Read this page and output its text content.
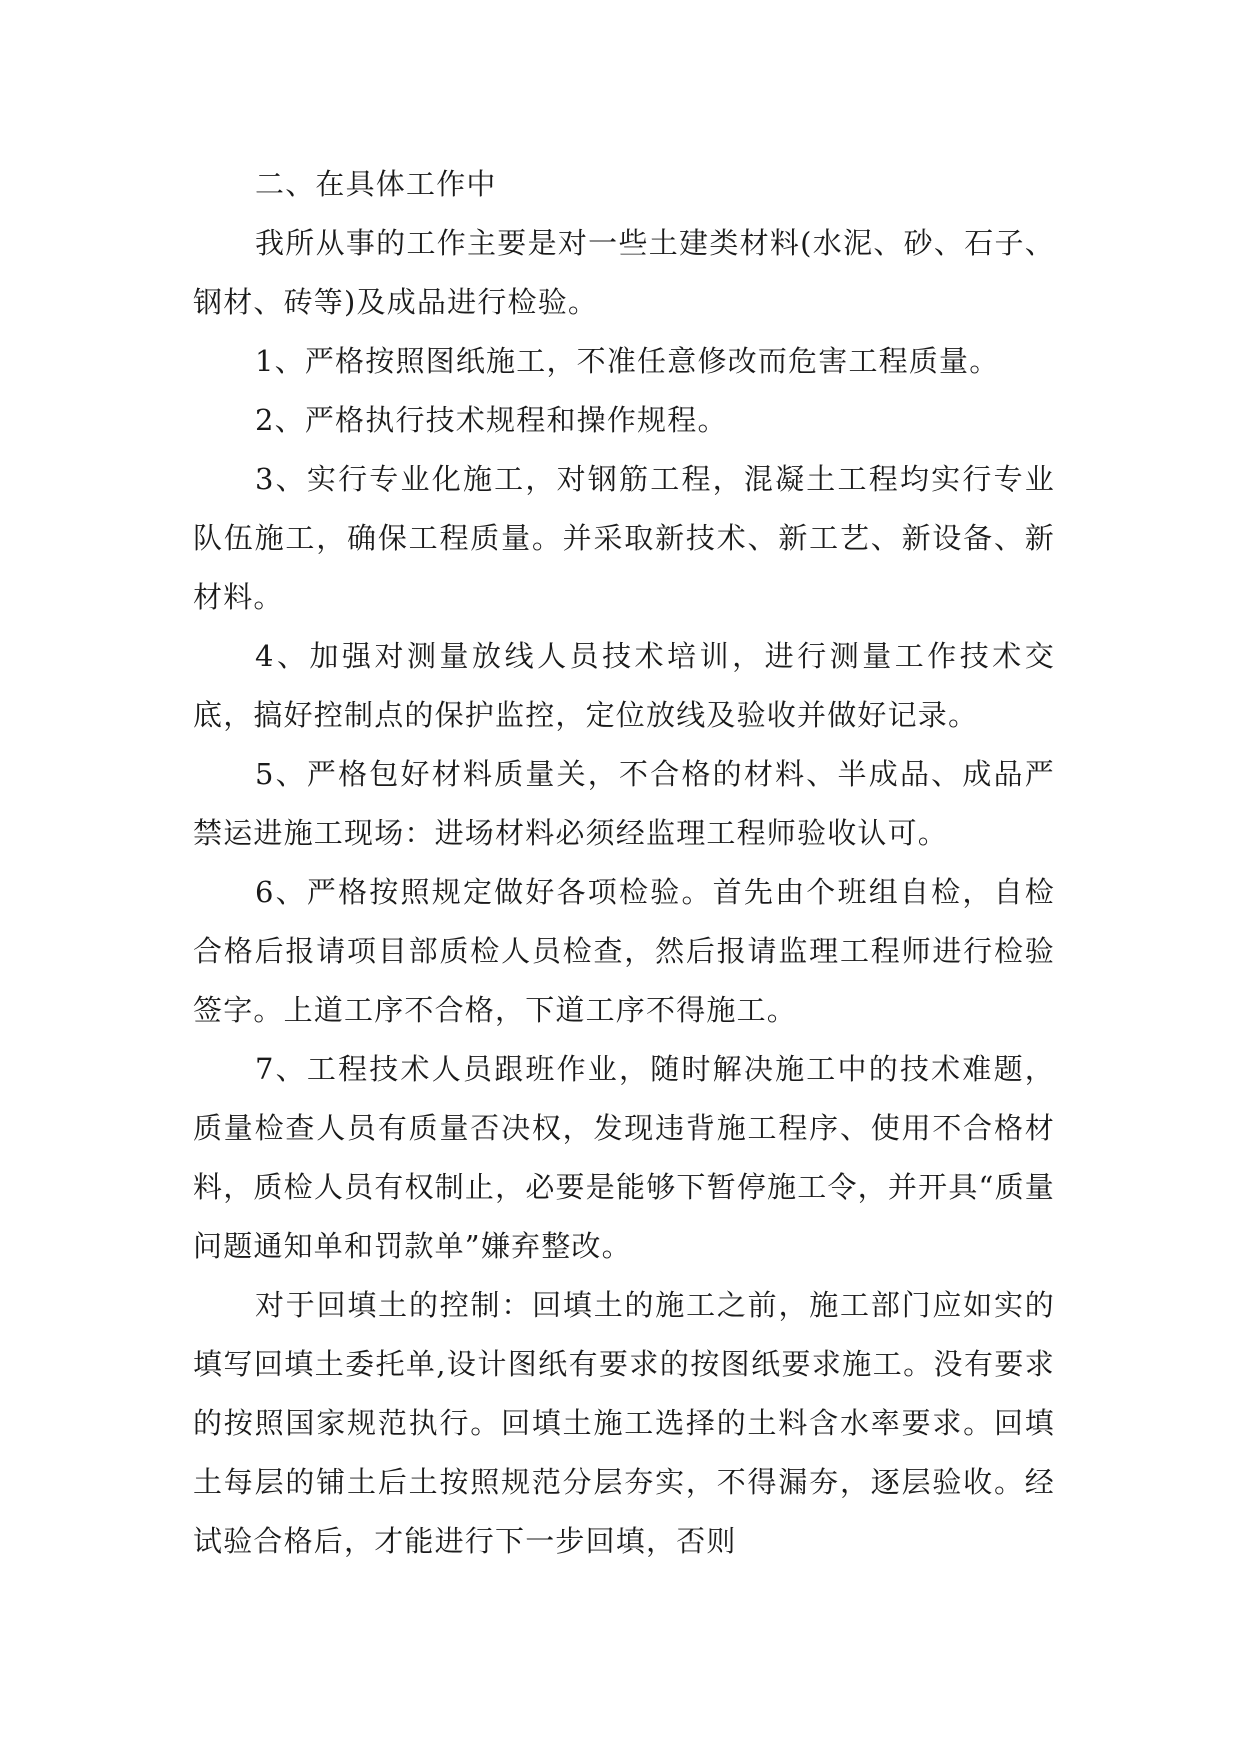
二、在具体工作中

我所从事的工作主要是对一些土建类材料(水泥、砂、石子、钢材、砖等)及成品进行检验。

1、严格按照图纸施工，不准任意修改而危害工程质量。

2、严格执行技术规程和操作规程。

3、实行专业化施工，对钢筋工程，混凝土工程均实行专业队伍施工，确保工程质量。并采取新技术、新工艺、新设备、新材料。

4、加强对测量放线人员技术培训，进行测量工作技术交底，搞好控制点的保护监控，定位放线及验收并做好记录。

5、严格包好材料质量关，不合格的材料、半成品、成品严禁运进施工现场：进场材料必须经监理工程师验收认可。

6、严格按照规定做好各项检验。首先由个班组自检，自检合格后报请项目部质检人员检查，然后报请监理工程师进行检验签字。上道工序不合格，下道工序不得施工。

7、工程技术人员跟班作业，随时解决施工中的技术难题，质量检查人员有质量否决权，发现违背施工程序、使用不合格材料，质检人员有权制止，必要是能够下暂停施工令，并开具“质量问题通知单和罚款单”嫌弃整改。

对于回填土的控制：回填土的施工之前，施工部门应如实的填写回填土委托单,设计图纸有要求的按图纸要求施工。没有要求的按照国家规范执行。回填土施工选择的土料含水率要求。回填土每层的铺土后土按照规范分层夯实，不得漏夯，逐层验收。经试验合格后，才能进行下一步回填，否则
